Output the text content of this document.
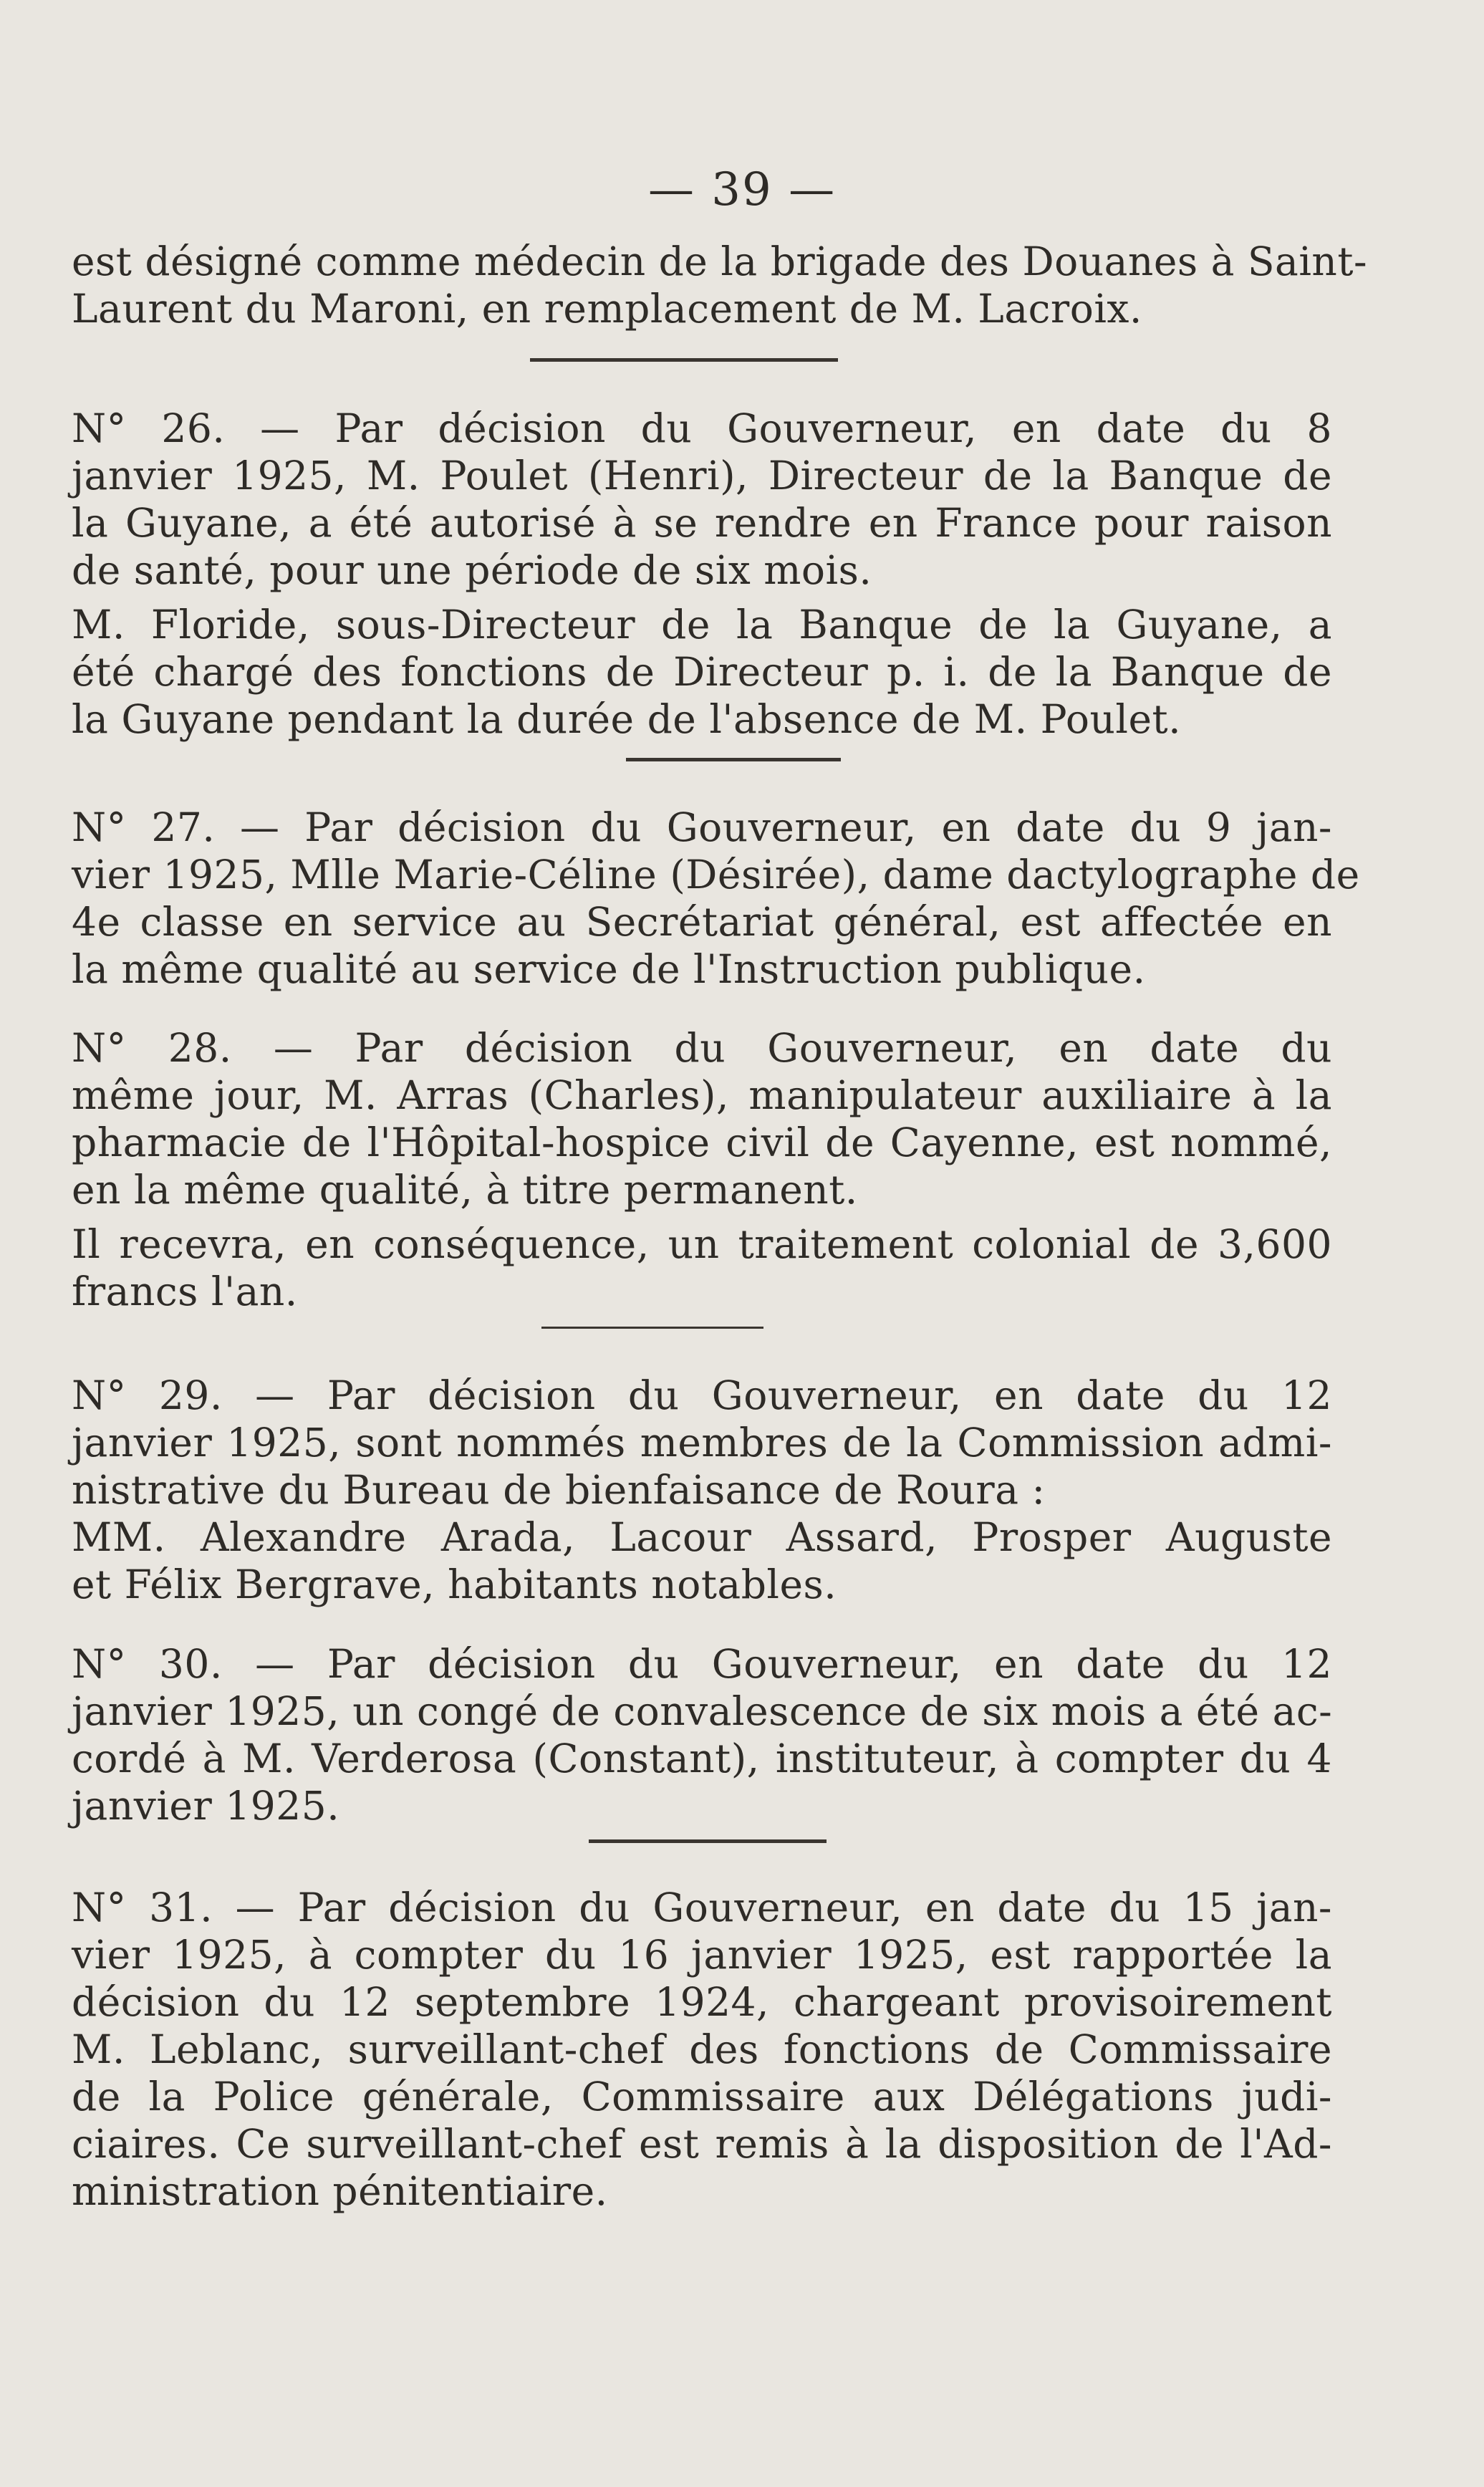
— 39 —
est désigné comme médecin de la brigade des Douanes à Saint-
Laurent du Maroni, en remplacement de M. Lacroix.
N° 26. — Par décision du Gouverneur, en date du 8
janvier 1925, M. Poulet (Henri), Directeur de la Banque de
la Guyane, a été autorisé à se rendre en France pour raison
de santé, pour une période de six mois.
M. Floride, sous-Directeur de la Banque de la Guyane, a
été chargé des fonctions de Directeur p. i. de la Banque de
la Guyane pendant la durée de l'absence de M. Poulet.
N° 27. — Par décision du Gouverneur, en date du 9 jan-
vier 1925, Mlle Marie-Céline (Désirée), dame dactylographe de
4e classe en service au Secrétariat général, est affectée en
la même qualité au service de l'Instruction publique.
N° 28. — Par décision du Gouverneur, en date du
même jour, M. Arras (Charles), manipulateur auxiliaire à la
pharmacie de l'Hôpital-hospice civil de Cayenne, est nommé,
en la même qualité, à titre permanent.
Il recevra, en conséquence, un traitement colonial de 3,600
francs l'an.
N° 29. — Par décision du Gouverneur, en date du 12
janvier 1925, sont nommés membres de la Commission admi-
nistrative du Bureau de bienfaisance de Roura :
MM. Alexandre Arada, Lacour Assard, Prosper Auguste
et Félix Bergrave, habitants notables.
N° 30. — Par décision du Gouverneur, en date du 12
janvier 1925, un congé de convalescence de six mois a été ac-
cordé à M. Verderosa (Constant), instituteur, à compter du 4
janvier 1925.
N° 31. — Par décision du Gouverneur, en date du 15 jan-
vier 1925, à compter du 16 janvier 1925, est rapportée la
décision du 12 septembre 1924, chargeant provisoirement
M. Leblanc, surveillant-chef des fonctions de Commissaire
de la Police générale, Commissaire aux Délégations judi-
ciaires. Ce surveillant-chef est remis à la disposition de l'Ad-
ministration pénitentiaire.
